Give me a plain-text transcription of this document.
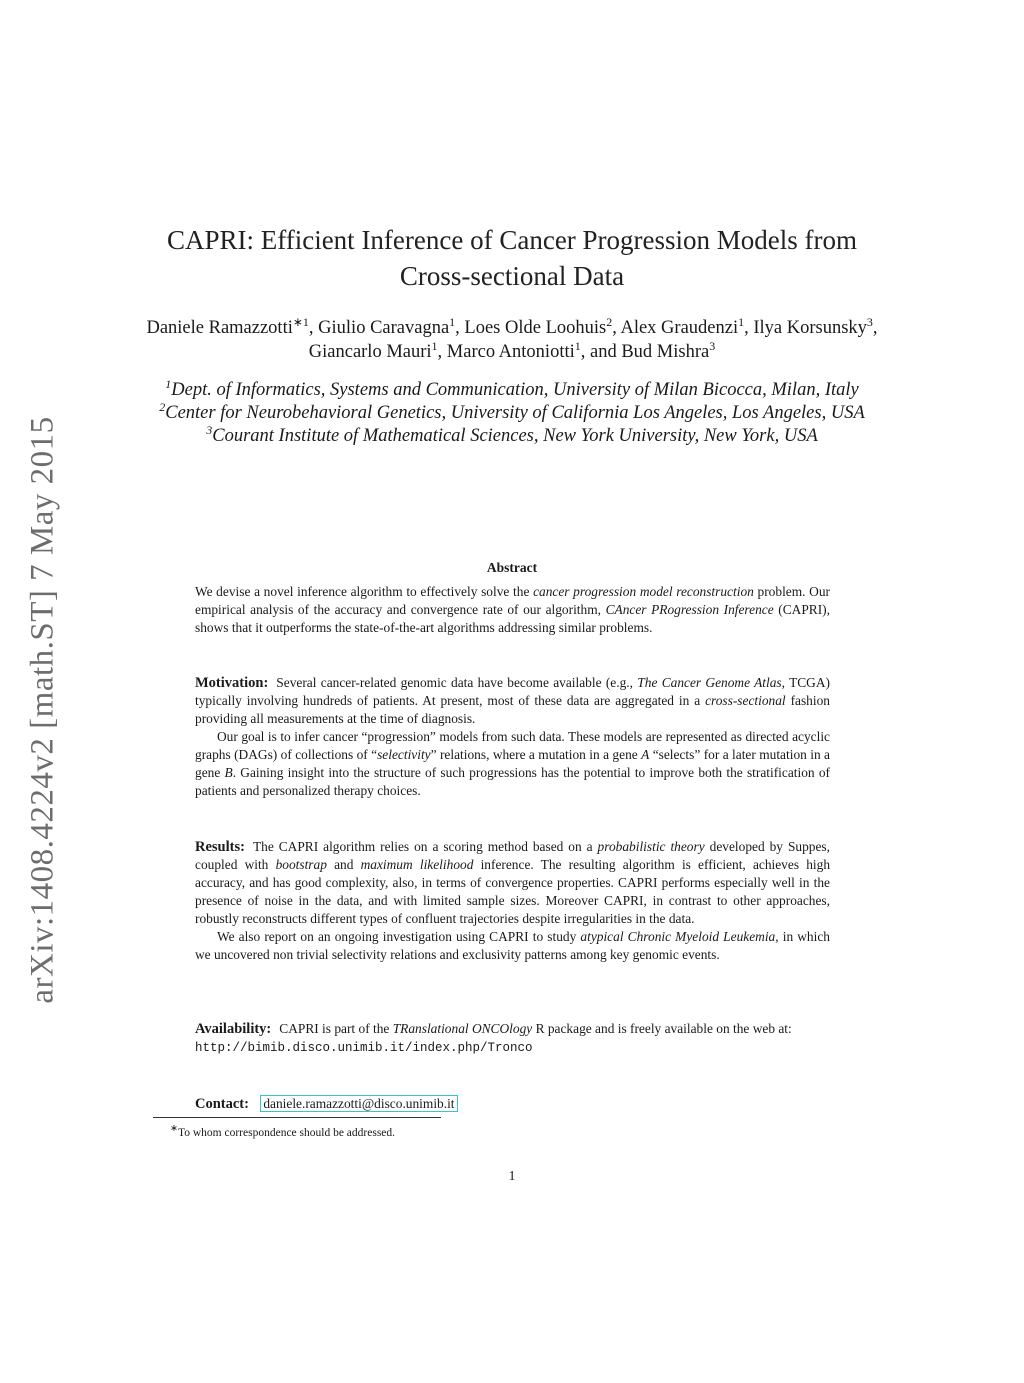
arXiv:1408.4224v2 [math.ST] 7 May 2015
CAPRI: Efficient Inference of Cancer Progression Models from
Cross-sectional Data
Daniele Ramazzotti$^{∗1}$, Giulio Caravagna$^1$, Loes Olde Loohuis$^2$, Alex Graudenzi$^1$, Ilya Korsunsky$^3$, Giancarlo Mauri$^1$, Marco Antoniotti$^1$, and Bud Mishra$^3$
$^1$Dept. of Informatics, Systems and Communication, University of Milan Bicocca, Milan, Italy
$^2$Center for Neurobehavioral Genetics, University of California Los Angeles, Los Angeles, USA
$^3$Courant Institute of Mathematical Sciences, New York University, New York, USA
Abstract

We devise a novel inference algorithm to effectively solve the cancer progression model reconstruction problem. Our empirical analysis of the accuracy and convergence rate of our algorithm, CAncer PRogression Inference (CAPRI), shows that it outperforms the state-of-the-art algorithms addressing similar problems.

Motivation: Several cancer-related genomic data have become available (e.g., The Cancer Genome Atlas, TCGA) typically involving hundreds of patients. At present, most of these data are aggregated in a cross-sectional fashion providing all measurements at the time of diagnosis.

Our goal is to infer cancer “progression” models from such data. These models are represented as directed acyclic graphs (DAGs) of collections of “selectivity” relations, where a mutation in a gene A “selects” for a later mutation in a gene B. Gaining insight into the structure of such progressions has the potential to improve both the stratification of patients and personalized therapy choices.

Results: The CAPRI algorithm relies on a scoring method based on a probabilistic theory developed by Suppes, coupled with bootstrap and maximum likelihood inference. The resulting algorithm is efficient, achieves high accuracy, and has good complexity, also, in terms of convergence properties. CAPRI performs especially well in the presence of noise in the data, and with limited sample sizes. Moreover CAPRI, in contrast to other approaches, robustly reconstructs different types of confluent trajectories despite irregularities in the data.

We also report on an ongoing investigation using CAPRI to study atypical Chronic Myeloid Leukemia, in which we uncovered non trivial selectivity relations and exclusivity patterns among key genomic events.

Availability: CAPRI is part of the TRanslational ONCOlogy R package and is freely available on the web at:

http://bimib.disco.unimib.it/index.php/Tronco

Contact: daniele.ramazzotti@disco.unimib.it

∗To whom correspondence should be addressed.
1
